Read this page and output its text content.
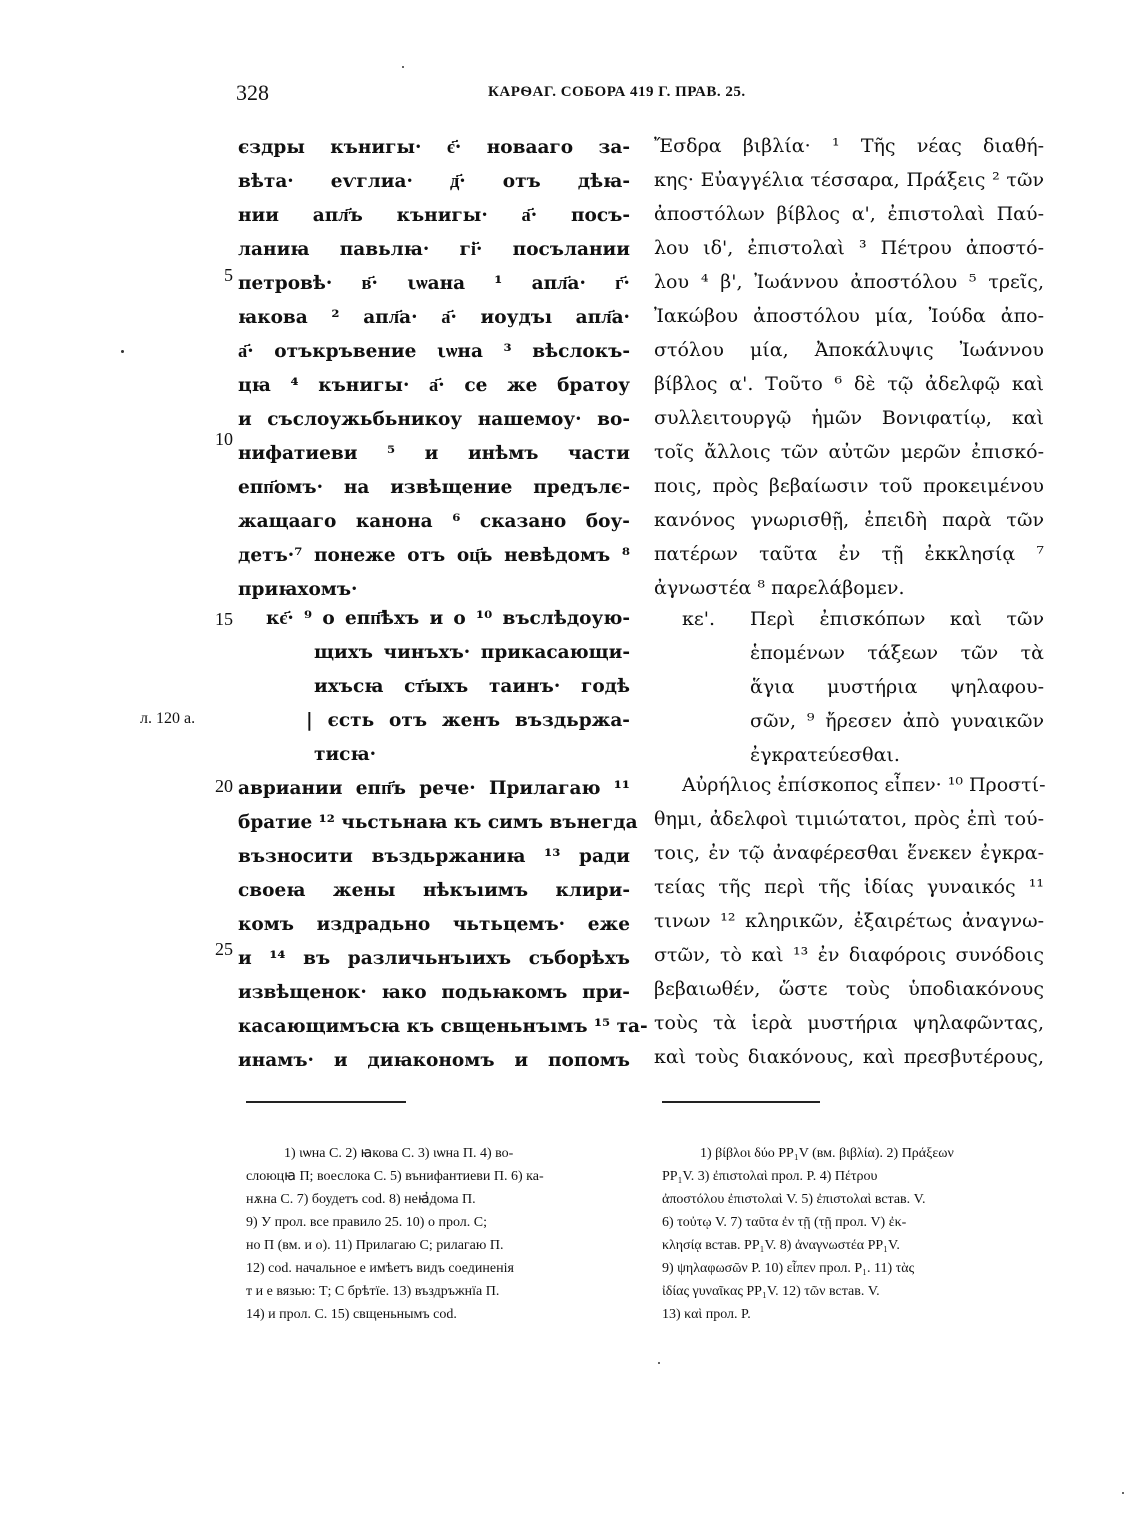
328	КАРѲАГ. СОБОРА 419 Г. ПРАВ. 25.
5
10
15
20
25
л. 120 а.
єздры кънигы· є҃· новааго за-
вѣта· еѵглиа· д҃· отъ дѣꙗ-
нии апл҃ъ кънигы· а҃· посъ-
ланиꙗ павьлꙗ· гі҃· посълании
петровѣ· в҃· ιѡана ¹ апл҃а· г҃·
ꙗкова ² апл҃а· а҃· иоудъı апл҃а·
а҃· отъкръвение ιѡна ³ вѣслокъ-
цꙗ ⁴ кънигы· а҃· се же братоу
и съслоужьбьникоу нашемоу· во-
нифатиеви ⁵ и инѣмъ части
епп҃омъ· на извѣщение предълє-
жащааго канона ⁶ сказано боу-
детъ·⁷ понеже отъ оц҃ь невѣдомъ ⁸
приꙗхомъ·
кє҃· ⁹ о епп҃ѣхъ и о ¹⁰ въслѣдоую-
щихъ чинъхъ· прикасающи-
ихъсꙗ ст҃ыхъ таинъ· годѣ
| єсть отъ женъ въздьржа-
тисꙗ·
авриании епп҃ъ рече· Прилагаю ¹¹
братие ¹² чьстьнаꙗ къ симъ вънегда
възносити въздьржаниꙗ ¹³ ради
своеꙗ жены нѣкъıимъ клири-
комъ издрадьно чьтьцемъ· еже
и ¹⁴ въ различьнъıихъ съборѣхъ
извѣщенок· ꙗко подьꙗкомъ при-
касающимъсꙗ къ свщеньнъıмъ ¹⁵ та-
инамъ· и диꙗкономъ и попомъ
Ἔσδρα βιβλία· ¹ Τῆς νέας διαθή-
κης· Εὐαγγέλια τέσσαρα, Πράξεις ² τῶν
ἀποστόλων βίβλος α', ἐπιστολαὶ Παύ-
λου ιδ', ἐπιστολαὶ ³ Πέτρου ἀποστό-
λου ⁴ β', Ἰωάννου ἀποστόλου ⁵ τρεῖς,
Ἰακώβου ἀποστόλου μία, Ἰούδα ἀπο-
στόλου μία, Ἀποκάλυψις Ἰωάννου
βίβλος α'. Τοῦτο ⁶ δὲ τῷ ἀδελφῷ καὶ
συλλειτουργῷ ἡμῶν Βονιφατίῳ, καὶ
τοῖς ἄλλοις τῶν αὐτῶν μερῶν ἐπισκό-
ποις, πρὸς βεβαίωσιν τοῦ προκειμένου
κανόνος γνωρισθῇ, ἐπειδὴ παρὰ τῶν
πατέρων ταῦτα ἐν τῇ ἐκκλησίᾳ ⁷
ἀγνωστέα ⁸ παρελάβομεν.
κε'.	Περὶ ἐπισκόπων καὶ τῶν
ἑπομένων τάξεων τῶν τὰ
ἅγια μυστήρια ψηλαφου-
σῶν, ⁹ ἤρεσεν ἀπὸ γυναικῶν
ἐγκρατεύεσθαι.
Αὐρήλιος ἐπίσκοπος εἶπεν· ¹⁰ Προστί-
θημι, ἀδελφοὶ τιμιώτατοι, πρὸς ἐπὶ τού-
τοις, ἐν τῷ ἀναφέρεσθαι ἕνεκεν ἐγκρα-
τείας τῆς περὶ τῆς ἰδίας γυναικός ¹¹
τινων ¹² κληρικῶν, ἐξαιρέτως ἀναγνω-
στῶν, τὸ καὶ ¹³ ἐν διαφόροις συνόδοις
βεβαιωθέν, ὥστε τοὺς ὑποδιακόνους
τοὺς τὰ ἱερὰ μυστήρια ψηλαφῶντας,
καὶ τοὺς διακόνους, καὶ πρεσβυτέρους,
1) ιѡна C. 2) ꙗкова C. 3) ιѡна П. 4) во-
слоюцꙗ П; воеслока С. 5) вънифантиеви П. 6) ка-
нѫна С. 7) боудетъ cod. 8) неꙗ҆дома П.
9) У прол. все правило 25. 10) о прол. C;
но П (вм. и о). 11) Прилагаю C; рилагаю П.
12) cod. начальное е имѣетъ видъ соединенія
т и е вязью: Т; С брѣтїе. 13) въздръжнїа П.
14) и прол. С. 15) свщеньнымъ cod.
1) βίβλοι δύο PP₁V (вм. βιβλία). 2) Πράξεων
PP₁V. 3) ἐπιστολαὶ прол. P. 4) Πέτρου
ἀποστόλου ἐπιστολαὶ V. 5) ἐπιστολαὶ встав. V.
6) τοὐτῳ V. 7) ταῦτα ἐν τῇ (τῇ прол. V) ἐκ-
κλησίᾳ встав. PP₁V. 8) ἀναγνωστέα PP₁V.
9) ψηλαφωσῶν P. 10) εἶπεν прол. P₁. 11) τὰς
ἰδίας γυναῖκας PP₁V. 12) τῶν встав. V.
13) καὶ прол. P.
